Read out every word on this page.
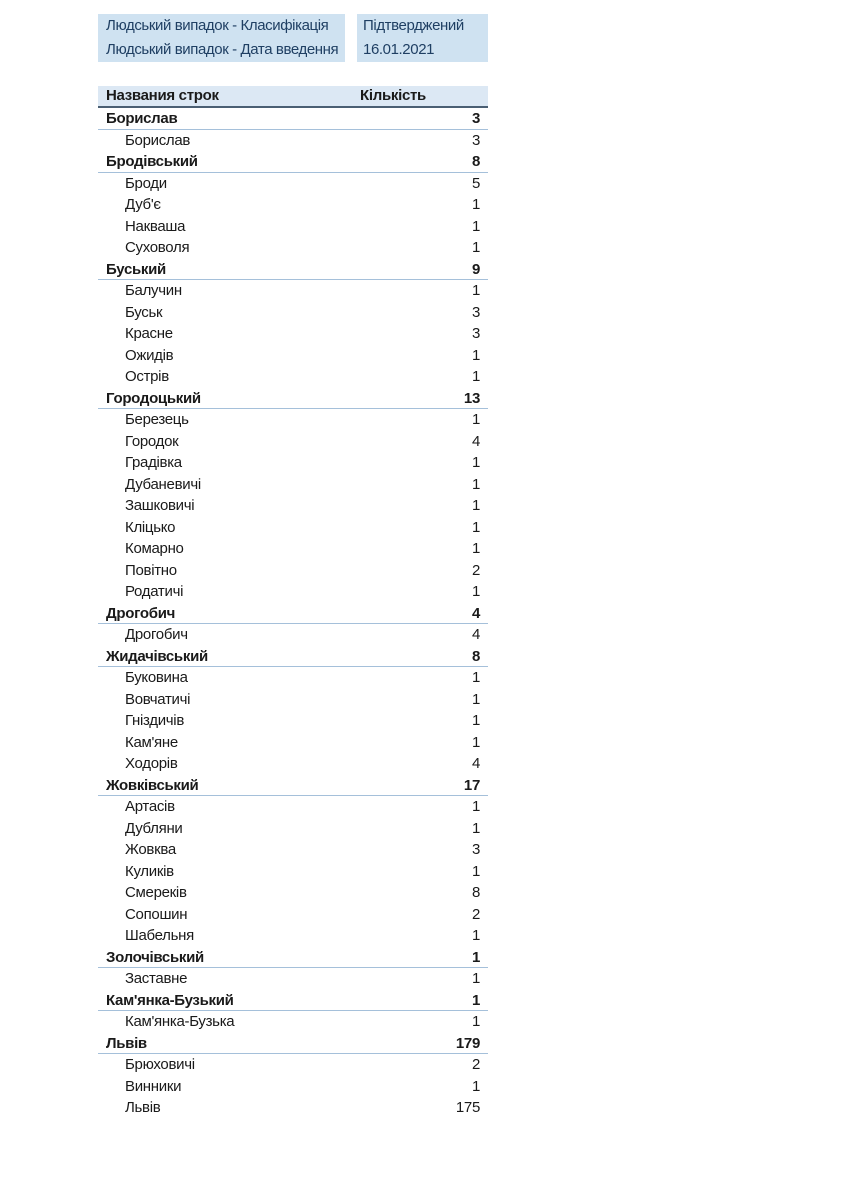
Людський випадок - Класифікація	Підтверджений
Людський випадок - Дата введення	16.01.2021
Названия строк	Кількість
Борислав	3
Борислав	3
Бродівський	8
Броди	5
Дуб'є	1
Накваша	1
Суховоля	1
Буський	9
Балучин	1
Буськ	3
Красне	3
Ожидів	1
Острів	1
Городоцький	13
Березець	1
Городок	4
Градівка	1
Дубаневичі	1
Зашковичі	1
Кліцько	1
Комарно	1
Повітно	2
Родатичі	1
Дрогобич	4
Дрогобич	4
Жидачівський	8
Буковина	1
Вовчатичі	1
Гніздичів	1
Кам'яне	1
Ходорів	4
Жовківський	17
Артасів	1
Дубляни	1
Жовква	3
Куликів	1
Смереків	8
Сопошин	2
Шабельня	1
Золочівський	1
Заставне	1
Кам'янка-Бузький	1
Кам'янка-Бузька	1
Львів	179
Брюховичі	2
Винники	1
Львів	175
